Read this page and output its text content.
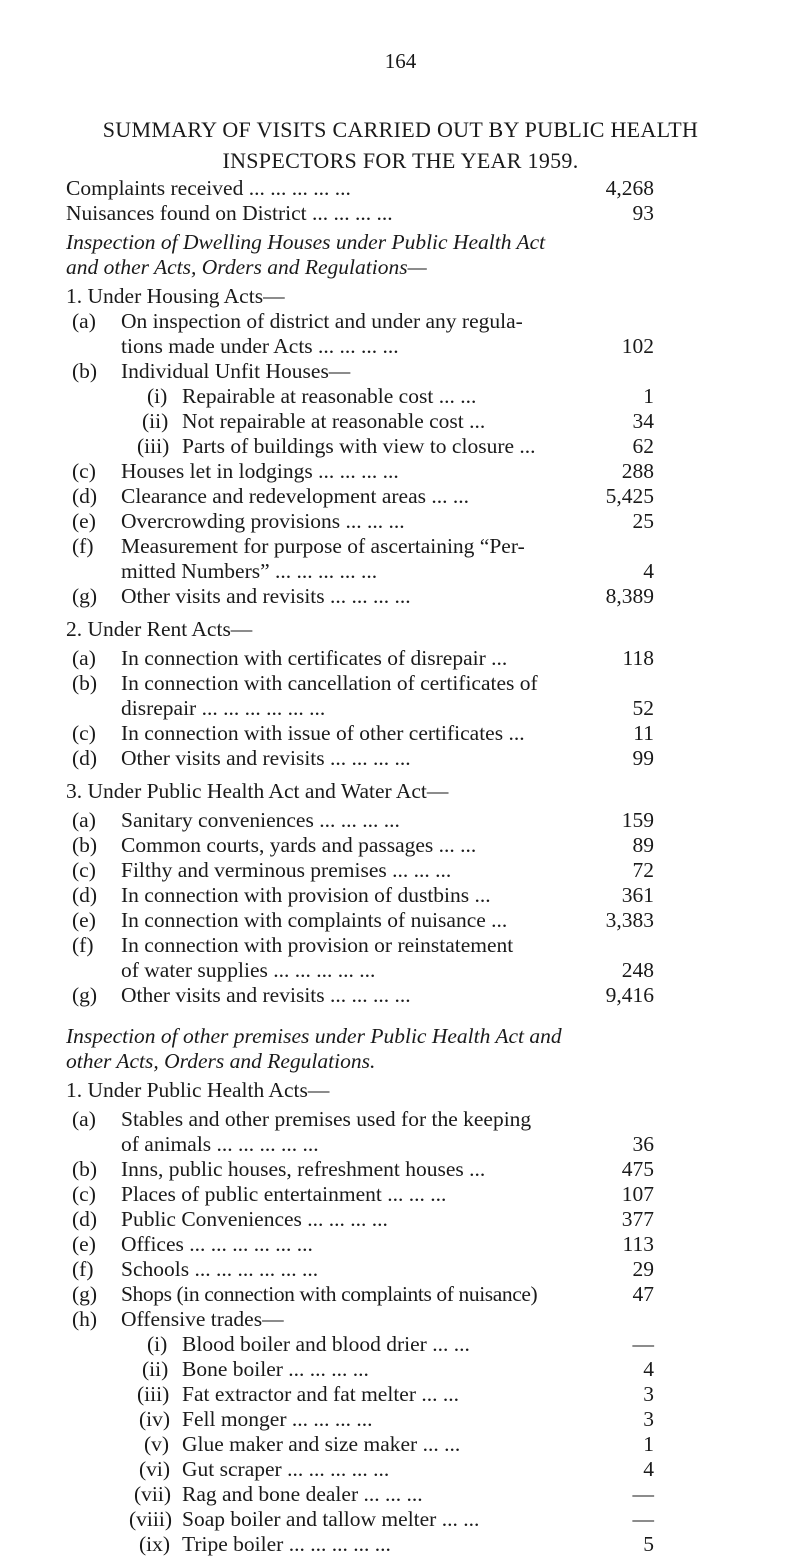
164
SUMMARY OF VISITS CARRIED OUT BY PUBLIC HEALTH
INSPECTORS FOR THE YEAR 1959.
Complaints received ... ... ... ... ...	4,268
Nuisances found on District ... ... ... ...	93
Inspection of Dwelling Houses under Public Health Act
and other Acts, Orders and Regulations—
1. Under Housing Acts—
(a) On inspection of district and under any regula-
tions made under Acts ... ... ... ...	102
(b) Individual Unfit Houses—
(i) Repairable at reasonable cost ... ...	1
(ii) Not repairable at reasonable cost ...	34
(iii) Parts of buildings with view to closure ...	62
(c) Houses let in lodgings ... ... ... ...	288
(d) Clearance and redevelopment areas ... ...	5,425
(e) Overcrowding provisions ... ... ...	25
(f) Measurement for purpose of ascertaining “Per-
mitted Numbers” ... ... ... ... ...	4
(g) Other visits and revisits ... ... ... ...	8,389
2. Under Rent Acts—
(a) In connection with certificates of disrepair ...	118
(b) In connection with cancellation of certificates of
disrepair ... ... ... ... ... ...	52
(c) In connection with issue of other certificates ...	11
(d) Other visits and revisits ... ... ... ...	99
3. Under Public Health Act and Water Act—
(a) Sanitary conveniences ... ... ... ...	159
(b) Common courts, yards and passages ... ...	89
(c) Filthy and verminous premises ... ... ...	72
(d) In connection with provision of dustbins ...	361
(e) In connection with complaints of nuisance ...	3,383
(f) In connection with provision or reinstatement
of water supplies ... ... ... ... ...	248
(g) Other visits and revisits ... ... ... ...	9,416
Inspection of other premises under Public Health Act and
other Acts, Orders and Regulations.
1. Under Public Health Acts—
(a) Stables and other premises used for the keeping
of animals ... ... ... ... ...	36
(b) Inns, public houses, refreshment houses ...	475
(c) Places of public entertainment ... ... ...	107
(d) Public Conveniences ... ... ... ...	377
(e) Offices ... ... ... ... ... ...	113
(f) Schools ... ... ... ... ... ...	29
(g) Shops (in connection with complaints of nuisance)	47
(h) Offensive trades—
(i) Blood boiler and blood drier ... ...	—
(ii) Bone boiler ... ... ... ...	4
(iii) Fat extractor and fat melter ... ...	3
(iv) Fell monger ... ... ... ...	3
(v) Glue maker and size maker ... ...	1
(vi) Gut scraper ... ... ... ... ...	4
(vii) Rag and bone dealer ... ... ...	—
(viii) Soap boiler and tallow melter ... ...	—
(ix) Tripe boiler ... ... ... ... ...	5
